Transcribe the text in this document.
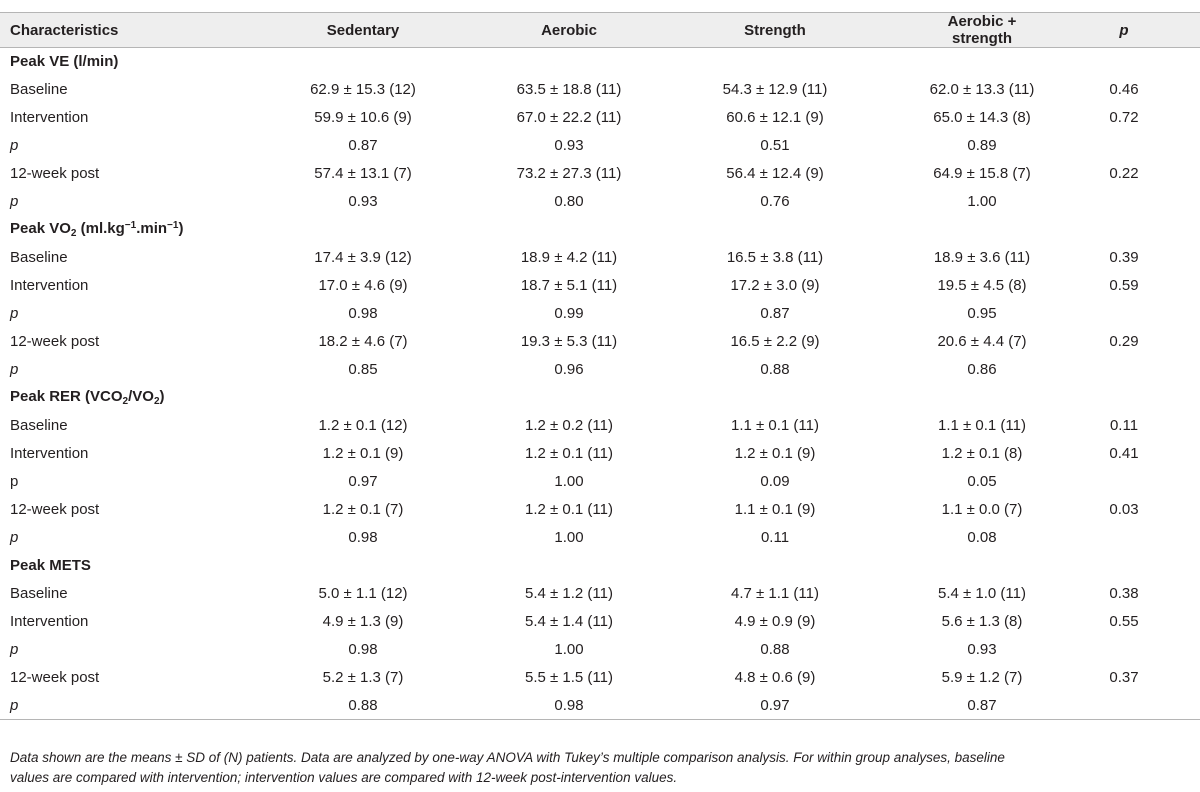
Characteristics	Sedentary	Aerobic	Strength	Aerobic + strength	p
Peak VE (l/min)					
Baseline	62.9 ± 15.3 (12)	63.5 ± 18.8 (11)	54.3 ± 12.9 (11)	62.0 ± 13.3 (11)	0.46
Intervention	59.9 ± 10.6 (9)	67.0 ± 22.2 (11)	60.6 ± 12.1 (9)	65.0 ± 14.3 (8)	0.72
p	0.87	0.93	0.51	0.89	
12-week post	57.4 ± 13.1 (7)	73.2 ± 27.3 (11)	56.4 ± 12.4 (9)	64.9 ± 15.8 (7)	0.22
p	0.93	0.80	0.76	1.00	
Peak $VO_2$ $(ml.kg^{-1}.\min^{-1})$					
Baseline	17.4 ± 3.9 (12)	18.9 ± 4.2 (11)	16.5 ± 3.8 (11)	18.9 ± 3.6 (11)	0.39
Intervention	17.0 ± 4.6 (9)	18.7 ± 5.1 (11)	17.2 ± 3.0 (9)	19.5 ± 4.5 (8)	0.59
p	0.98	0.99	0.87	0.95	
12-week post	18.2 ± 4.6 (7)	19.3 ± 5.3 (11)	16.5 ± 2.2 (9)	20.6 ± 4.4 (7)	0.29
p	0.85	0.96	0.88	0.86	
Peak RER $(VCO_2/VO_2)$					
Baseline	1.2 ± 0.1 (12)	1.2 ± 0.2 (11)	1.1 ± 0.1 (11)	1.1 ± 0.1 (11)	0.11
Intervention	1.2 ± 0.1 (9)	1.2 ± 0.1 (11)	1.2 ± 0.1 (9)	1.2 ± 0.1 (8)	0.41
p	0.97	1.00	0.09	0.05	
12-week post	1.2 ± 0.1 (7)	1.2 ± 0.1 (11)	1.1 ± 0.1 (9)	1.1 ± 0.0 (7)	0.03
p	0.98	1.00	0.11	0.08	
Peak METS					
Baseline	5.0 ± 1.1 (12)	5.4 ± 1.2 (11)	4.7 ± 1.1 (11)	5.4 ± 1.0 (11)	0.38
Intervention	4.9 ± 1.3 (9)	5.4 ± 1.4 (11)	4.9 ± 0.9 (9)	5.6 ± 1.3 (8)	0.55
p	0.98	1.00	0.88	0.93	
12-week post	5.2 ± 1.3 (7)	5.5 ± 1.5 (11)	4.8 ± 0.6 (9)	5.9 ± 1.2 (7)	0.37
p	0.88	0.98	0.97	0.87	
Data shown are the means ± SD of (N) patients. Data are analyzed by one-way ANOVA with Tukey’s multiple comparison analysis. For within group analyses, baseline
values are compared with intervention; intervention values are compared with 12-week post-intervention values.
